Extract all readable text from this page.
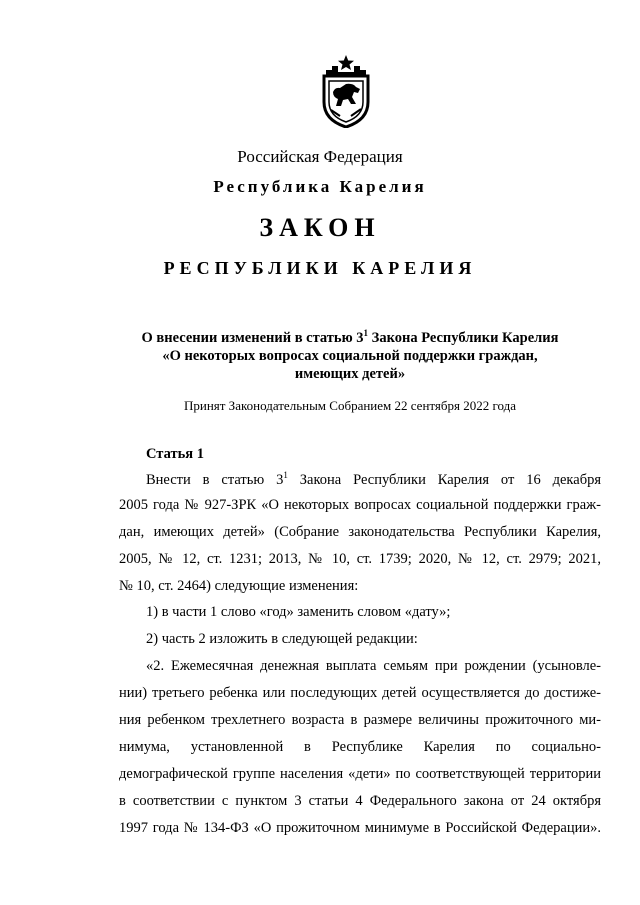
Российская Федерация
Республика Карелия
ЗАКОН
РЕСПУБЛИКИ КАРЕЛИЯ
О внесении изменений в статью $3^1$ Закона Республики Карелия
«О некоторых вопросах социальной поддержки граждан,
имеющих детей»
Принят Законодательным Собранием 22 сентября 2022 года
Статья 1
Внести в статью $3^1$ Закона Республики Карелия от 16 декабря
2005 года № 927-ЗРК «О некоторых вопросах социальной поддержки граж-
дан, имеющих детей» (Собрание законодательства Республики Карелия,
2005, № 12, ст. 1231; 2013, № 10, ст. 1739; 2020, № 12, ст. 2979; 2021,
№ 10, ст. 2464) следующие изменения:
1) в части 1 слово «год» заменить словом «дату»;
2) часть 2 изложить в следующей редакции:
«2. Ежемесячная денежная выплата семьям при рождении (усыновле-
нии) третьего ребенка или последующих детей осуществляется до достиже-
ния ребенком трехлетнего возраста в размере величины прожиточного ми-
нимума, установленной в Республике Карелия по социально-
демографической группе населения «дети» по соответствующей территории
в соответствии с пунктом 3 статьи 4 Федерального закона от 24 октября
1997 года № 134-ФЗ «О прожиточном минимуме в Российской Федерации».
